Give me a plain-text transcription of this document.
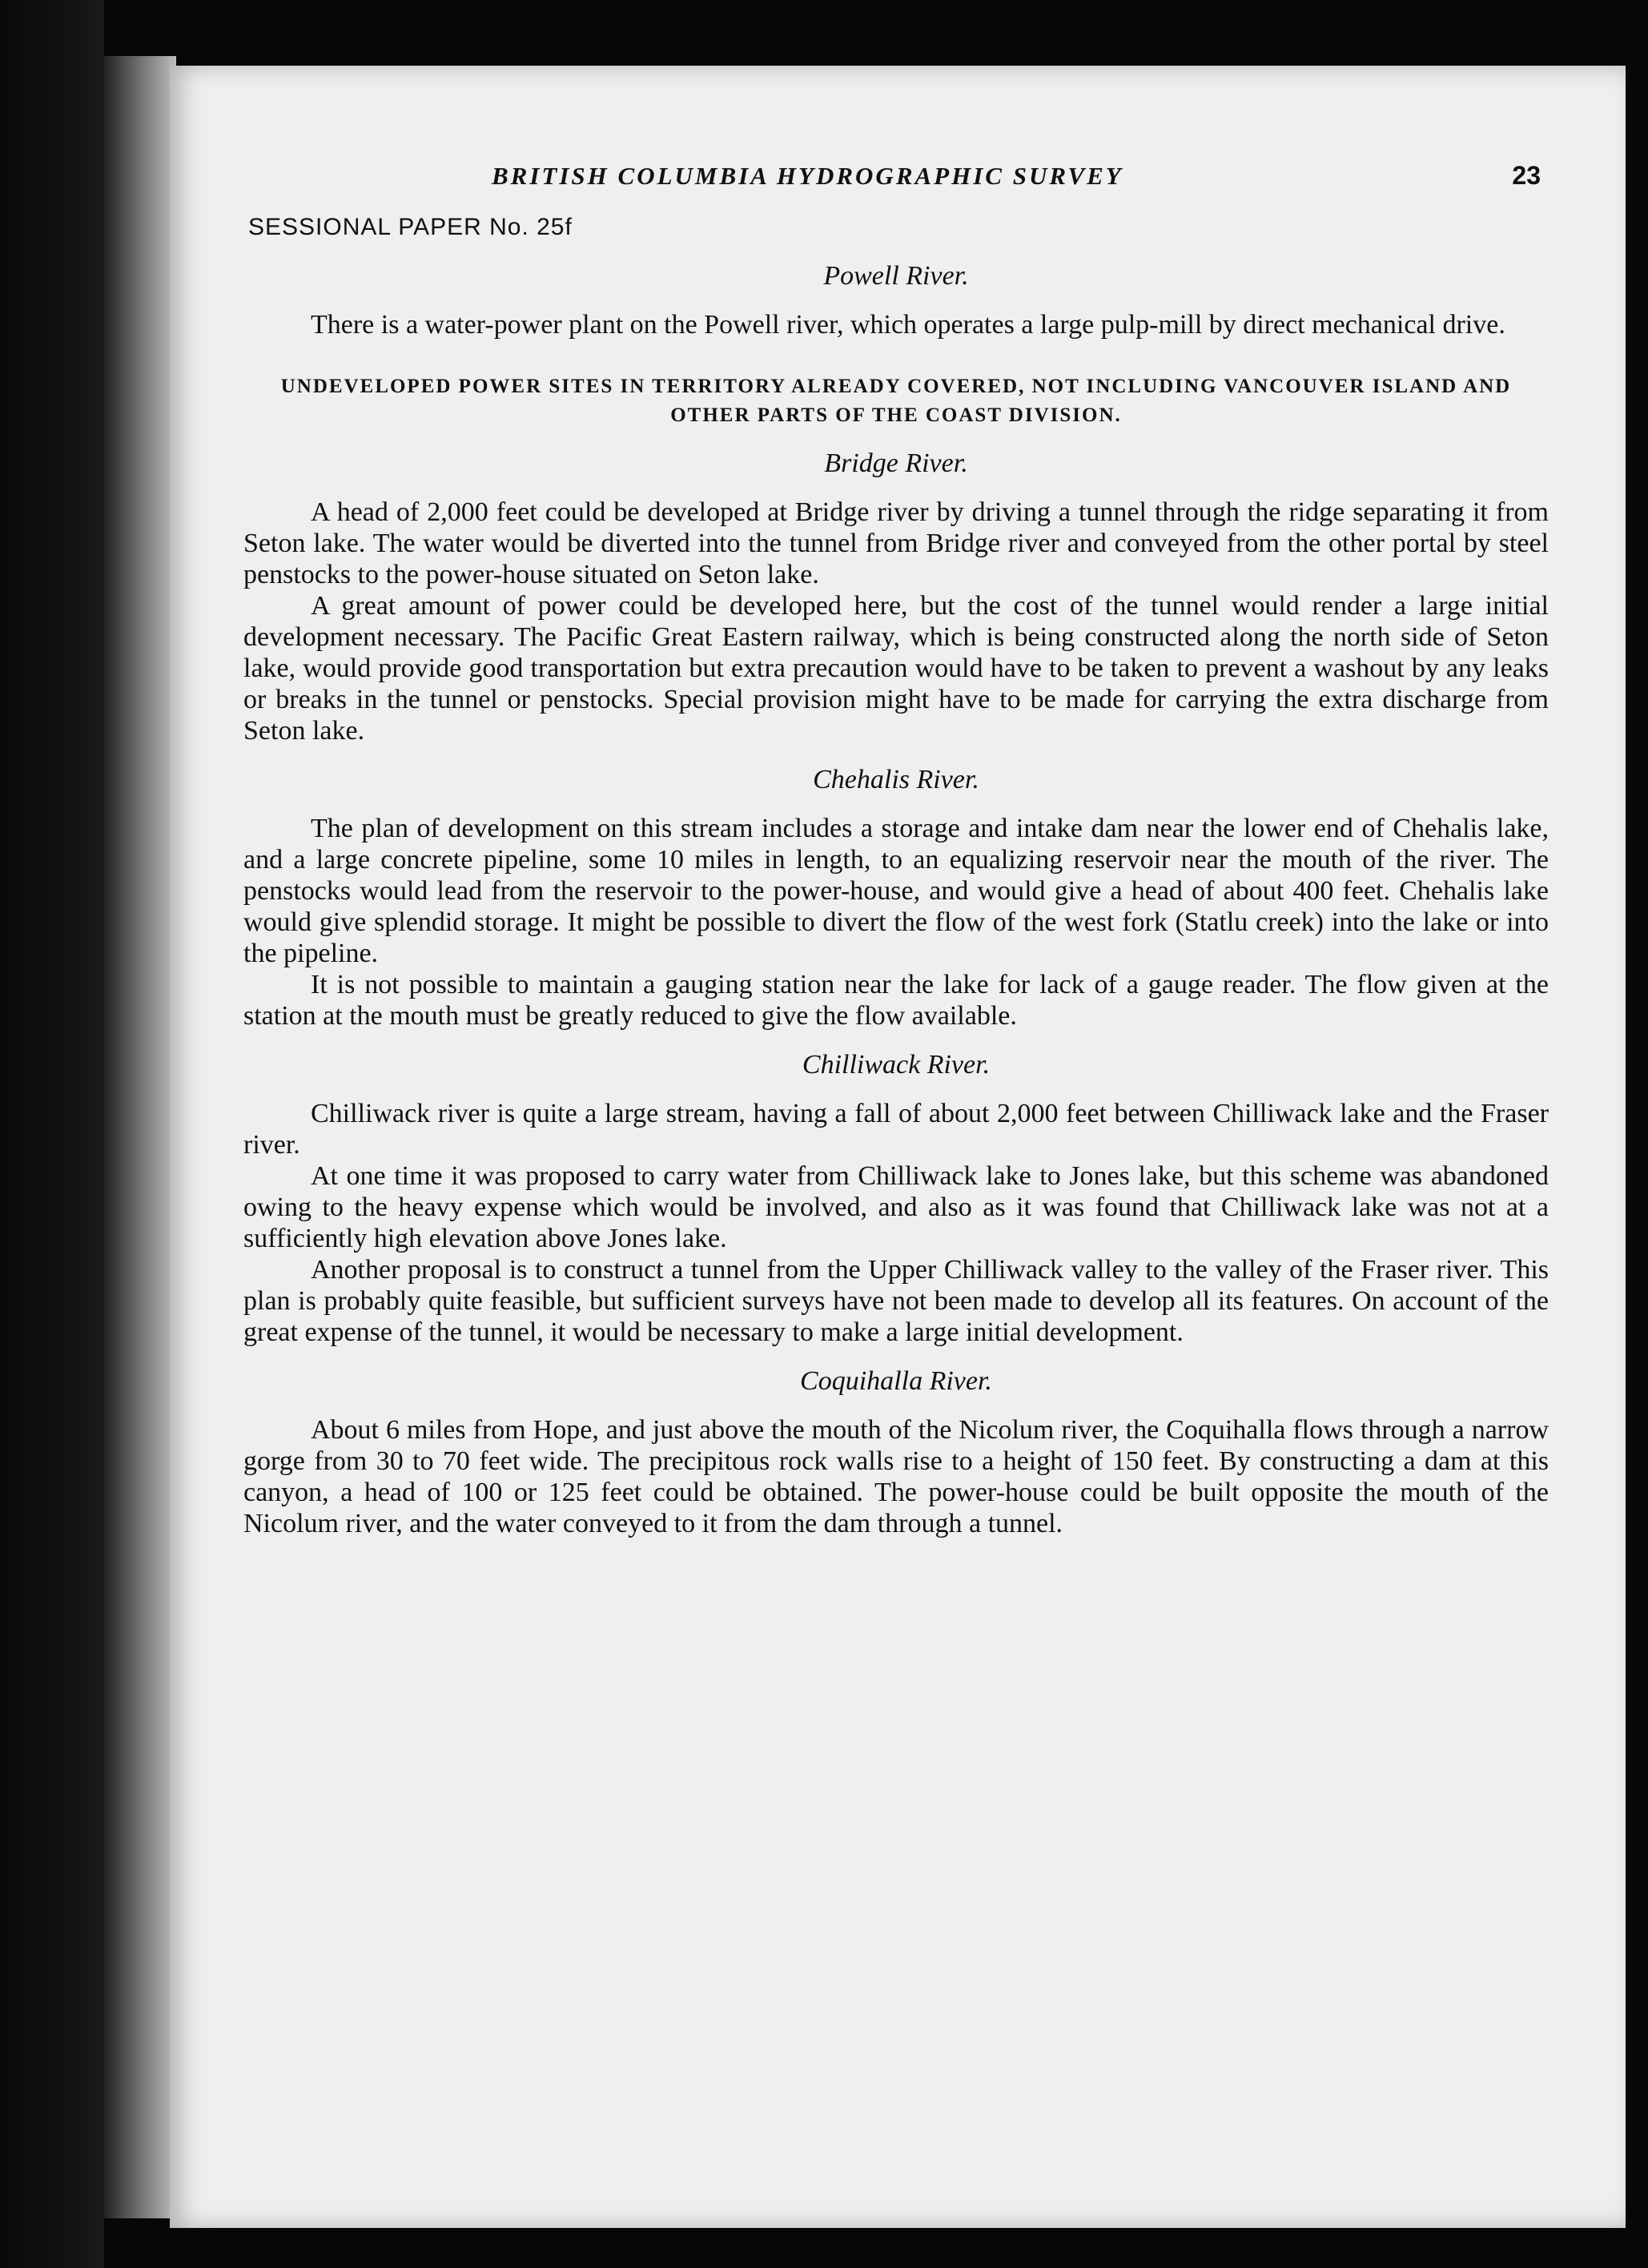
BRITISH COLUMBIA HYDROGRAPHIC SURVEY	23
SESSIONAL PAPER No. 25f
Powell River.

There is a water-power plant on the Powell river, which operates a large pulp-mill by direct mechanical drive.

UNDEVELOPED POWER SITES IN TERRITORY ALREADY COVERED, NOT INCLUDING VANCOUVER ISLAND AND OTHER PARTS OF THE COAST DIVISION.
Bridge River.

A head of 2,000 feet could be developed at Bridge river by driving a tunnel through the ridge separating it from Seton lake. The water would be diverted into the tunnel from Bridge river and conveyed from the other portal by steel penstocks to the power-house situated on Seton lake.

A great amount of power could be developed here, but the cost of the tunnel would render a large initial development necessary. The Pacific Great Eastern railway, which is being constructed along the north side of Seton lake, would provide good transportation but extra precaution would have to be taken to prevent a washout by any leaks or breaks in the tunnel or penstocks. Special provision might have to be made for carrying the extra discharge from Seton lake.

Chehalis River.

The plan of development on this stream includes a storage and intake dam near the lower end of Chehalis lake, and a large concrete pipeline, some 10 miles in length, to an equalizing reservoir near the mouth of the river. The penstocks would lead from the reservoir to the power-house, and would give a head of about 400 feet. Chehalis lake would give splendid storage. It might be possible to divert the flow of the west fork (Statlu creek) into the lake or into the pipeline.

It is not possible to maintain a gauging station near the lake for lack of a gauge reader. The flow given at the station at the mouth must be greatly reduced to give the flow available.

Chilliwack River.

Chilliwack river is quite a large stream, having a fall of about 2,000 feet between Chilliwack lake and the Fraser river.

At one time it was proposed to carry water from Chilliwack lake to Jones lake, but this scheme was abandoned owing to the heavy expense which would be involved, and also as it was found that Chilliwack lake was not at a sufficiently high elevation above Jones lake.

Another proposal is to construct a tunnel from the Upper Chilliwack valley to the valley of the Fraser river. This plan is probably quite feasible, but sufficient surveys have not been made to develop all its features. On account of the great expense of the tunnel, it would be necessary to make a large initial development.

Coquihalla River.

About 6 miles from Hope, and just above the mouth of the Nicolum river, the Coquihalla flows through a narrow gorge from 30 to 70 feet wide. The precipitous rock walls rise to a height of 150 feet. By constructing a dam at this canyon, a head of 100 or 125 feet could be obtained. The power-house could be built opposite the mouth of the Nicolum river, and the water conveyed to it from the dam through a tunnel.
